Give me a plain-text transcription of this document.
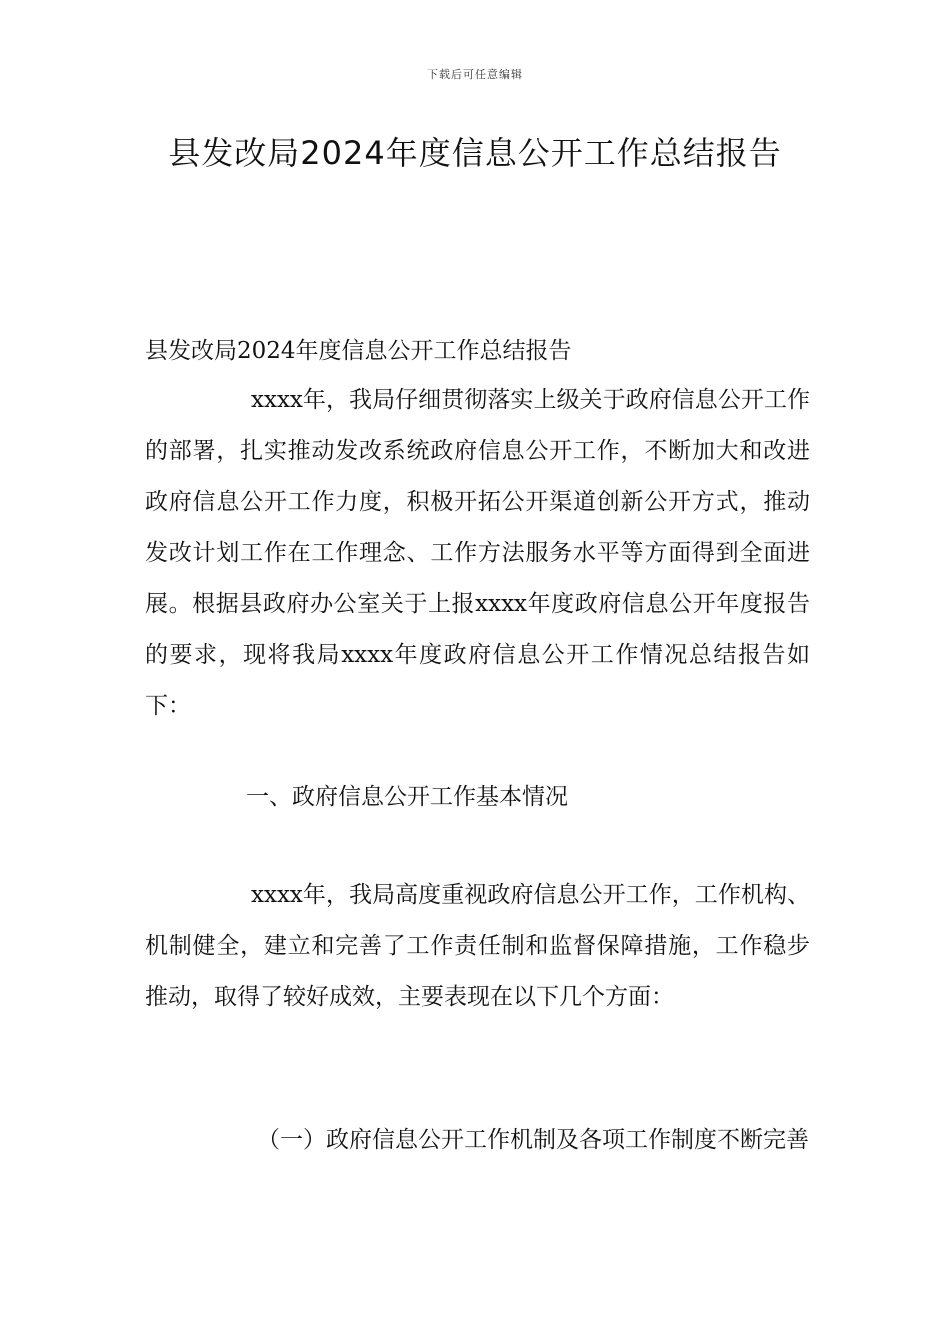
下载后可任意编辑
县发改局2024年度信息公开工作总结报告
县发改局2024年度信息公开工作总结报告
xxxx年，我局仔细贯彻落实上级关于政府信息公开工作的部署，扎实推动发改系统政府信息公开工作，不断加大和改进政府信息公开工作力度，积极开拓公开渠道创新公开方式，推动发改计划工作在工作理念、工作方法服务水平等方面得到全面进展。根据县政府办公室关于上报xxxx年度政府信息公开年度报告的要求，现将我局xxxx年度政府信息公开工作情况总结报告如下：
一、政府信息公开工作基本情况
xxxx年，我局高度重视政府信息公开工作，工作机构、机制健全，建立和完善了工作责任制和监督保障措施，工作稳步推动，取得了较好成效，主要表现在以下几个方面：
（一）政府信息公开工作机制及各项工作制度不断完善
